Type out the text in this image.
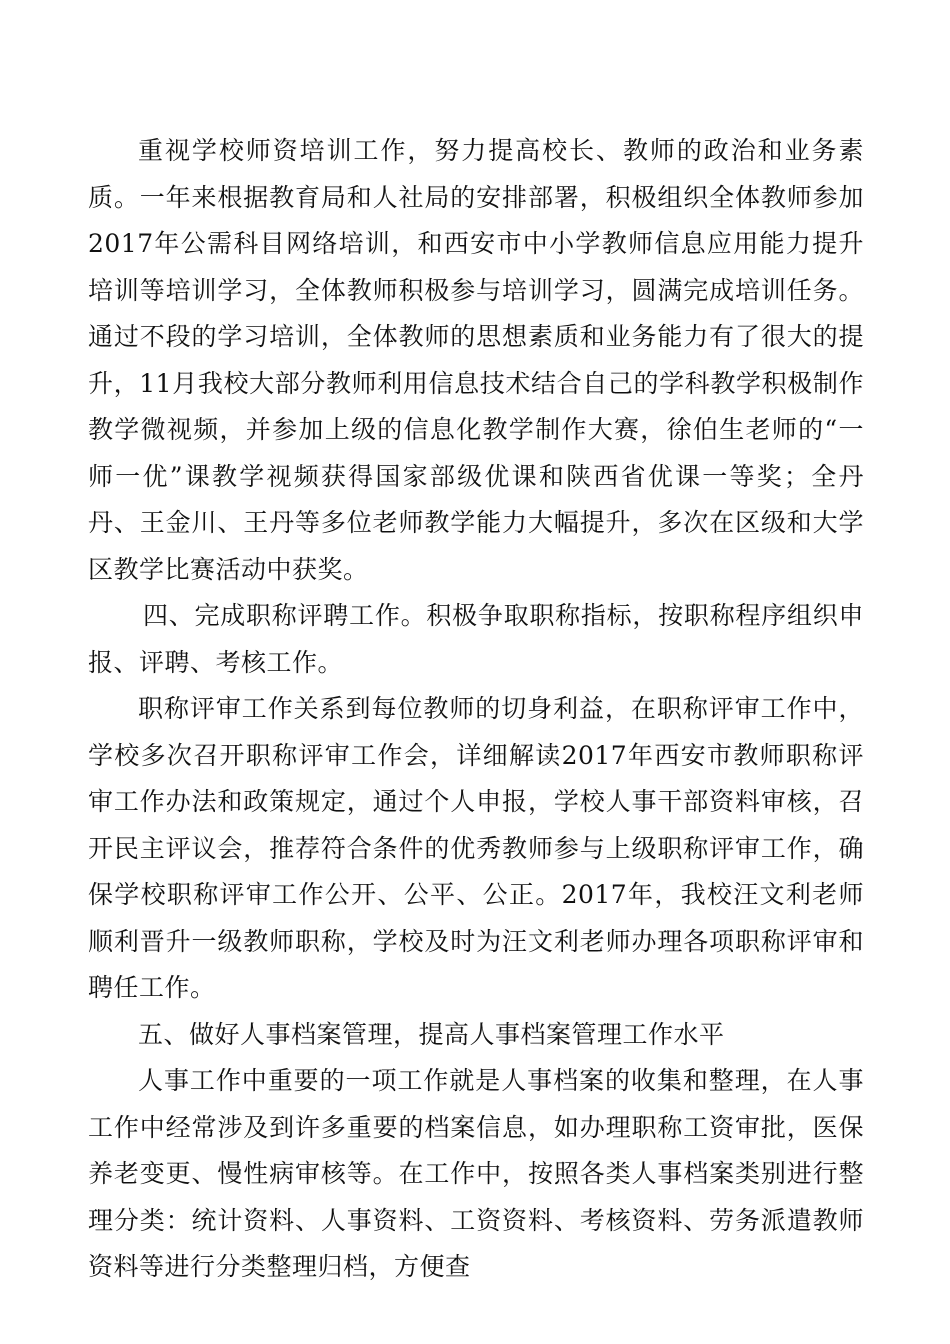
重视学校师资培训工作，努力提高校长、教师的政治和业务素质。一年来根据教育局和人社局的安排部署，积极组织全体教师参加2017年公需科目网络培训，和西安市中小学教师信息应用能力提升培训等培训学习，全体教师积极参与培训学习，圆满完成培训任务。通过不段的学习培训，全体教师的思想素质和业务能力有了很大的提升，11月我校大部分教师利用信息技术结合自己的学科教学积极制作教学微视频，并参加上级的信息化教学制作大赛，徐伯生老师的“一师一优”课教学视频获得国家部级优课和陕西省优课一等奖；全丹丹、王金川、王丹等多位老师教学能力大幅提升，多次在区级和大学区教学比赛活动中获奖。

四、完成职称评聘工作。积极争取职称指标，按职称程序组织申报、评聘、考核工作。

职称评审工作关系到每位教师的切身利益，在职称评审工作中，学校多次召开职称评审工作会，详细解读2017年西安市教师职称评审工作办法和政策规定，通过个人申报，学校人事干部资料审核，召开民主评议会，推荐符合条件的优秀教师参与上级职称评审工作，确保学校职称评审工作公开、公平、公正。2017年，我校汪文利老师顺利晋升一级教师职称，学校及时为汪文利老师办理各项职称评审和聘任工作。

五、做好人事档案管理，提高人事档案管理工作水平

人事工作中重要的一项工作就是人事档案的收集和整理，在人事工作中经常涉及到许多重要的档案信息，如办理职称工资审批，医保养老变更、慢性病审核等。在工作中，按照各类人事档案类别进行整理分类：统计资料、人事资料、工资资料、考核资料、劳务派遣教师资料等进行分类整理归档，方便查
